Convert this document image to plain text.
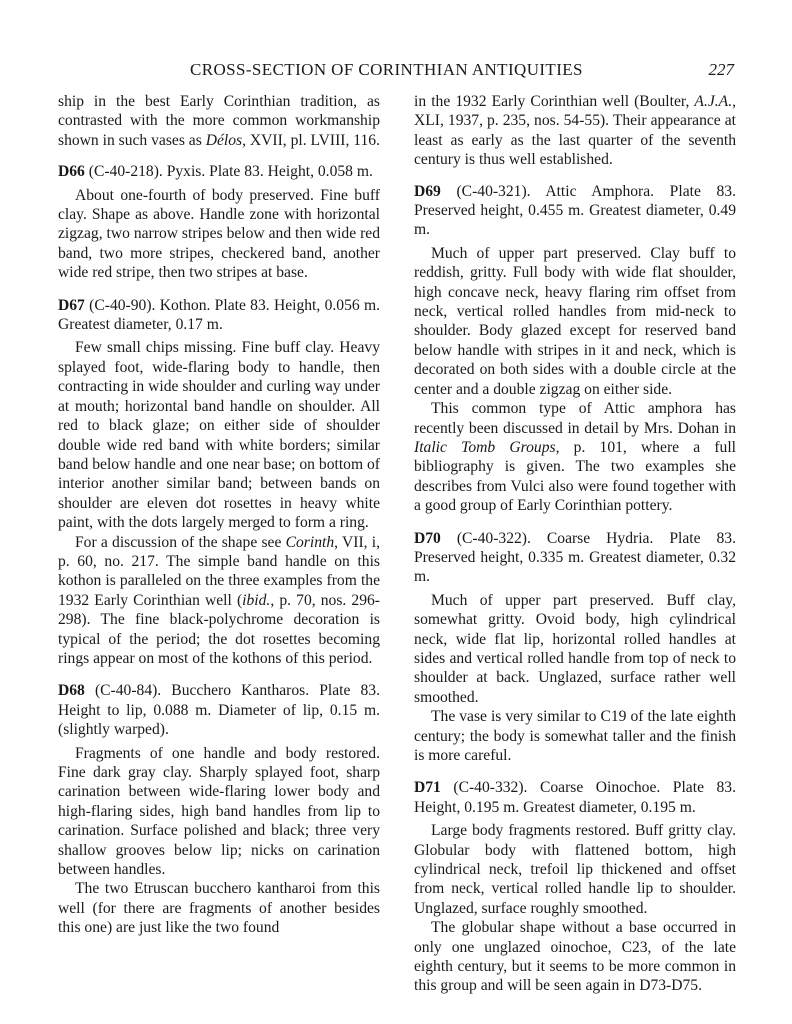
CROSS-SECTION OF CORINTHIAN ANTIQUITIES	227

ship in the best Early Corinthian tradition, as contrasted with the more common workmanship shown in such vases as Délos, XVII, pl. LVIII, 116.

D66 (C-40-218). Pyxis. Plate 83. Height, 0.058 m.

About one-fourth of body preserved. Fine buff clay. Shape as above. Handle zone with horizontal zigzag, two narrow stripes below and then wide red band, two more stripes, checkered band, another wide red stripe, then two stripes at base.

D67 (C-40-90). Kothon. Plate 83. Height, 0.056 m. Greatest diameter, 0.17 m.

Few small chips missing. Fine buff clay. Heavy splayed foot, wide-flaring body to handle, then contracting in wide shoulder and curling way under at mouth; horizontal band handle on shoulder. All red to black glaze; on either side of shoulder double wide red band with white borders; similar band below handle and one near base; on bottom of interior another similar band; between bands on shoulder are eleven dot rosettes in heavy white paint, with the dots largely merged to form a ring.

For a discussion of the shape see Corinth, VII, i, p. 60, no. 217. The simple band handle on this kothon is paralleled on the three examples from the 1932 Early Corinthian well (ibid., p. 70, nos. 296-298). The fine black-polychrome decoration is typical of the period; the dot rosettes becoming rings appear on most of the kothons of this period.

D68 (C-40-84). Bucchero Kantharos. Plate 83. Height to lip, 0.088 m. Diameter of lip, 0.15 m. (slightly warped).

Fragments of one handle and body restored. Fine dark gray clay. Sharply splayed foot, sharp carination between wide-flaring lower body and high-flaring sides, high band handles from lip to carination. Surface polished and black; three very shallow grooves below lip; nicks on carination between handles.

The two Etruscan bucchero kantharoi from this well (for there are fragments of another besides this one) are just like the two found

in the 1932 Early Corinthian well (Boulter, A.J.A., XLI, 1937, p. 235, nos. 54-55). Their appearance at least as early as the last quarter of the seventh century is thus well established.

D69 (C-40-321). Attic Amphora. Plate 83. Preserved height, 0.455 m. Greatest diameter, 0.49 m.

Much of upper part preserved. Clay buff to reddish, gritty. Full body with wide flat shoulder, high concave neck, heavy flaring rim offset from neck, vertical rolled handles from mid-neck to shoulder. Body glazed except for reserved band below handle with stripes in it and neck, which is decorated on both sides with a double circle at the center and a double zigzag on either side.

This common type of Attic amphora has recently been discussed in detail by Mrs. Dohan in Italic Tomb Groups, p. 101, where a full bibliography is given. The two examples she describes from Vulci also were found together with a good group of Early Corinthian pottery.

D70 (C-40-322). Coarse Hydria. Plate 83. Preserved height, 0.335 m. Greatest diameter, 0.32 m.

Much of upper part preserved. Buff clay, somewhat gritty. Ovoid body, high cylindrical neck, wide flat lip, horizontal rolled handles at sides and vertical rolled handle from top of neck to shoulder at back. Unglazed, surface rather well smoothed.

The vase is very similar to C19 of the late eighth century; the body is somewhat taller and the finish is more careful.

D71 (C-40-332). Coarse Oinochoe. Plate 83. Height, 0.195 m. Greatest diameter, 0.195 m.

Large body fragments restored. Buff gritty clay. Globular body with flattened bottom, high cylindrical neck, trefoil lip thickened and offset from neck, vertical rolled handle lip to shoulder. Unglazed, surface roughly smoothed.

The globular shape without a base occurred in only one unglazed oinochoe, C23, of the late eighth century, but it seems to be more common in this group and will be seen again in D73-D75.
